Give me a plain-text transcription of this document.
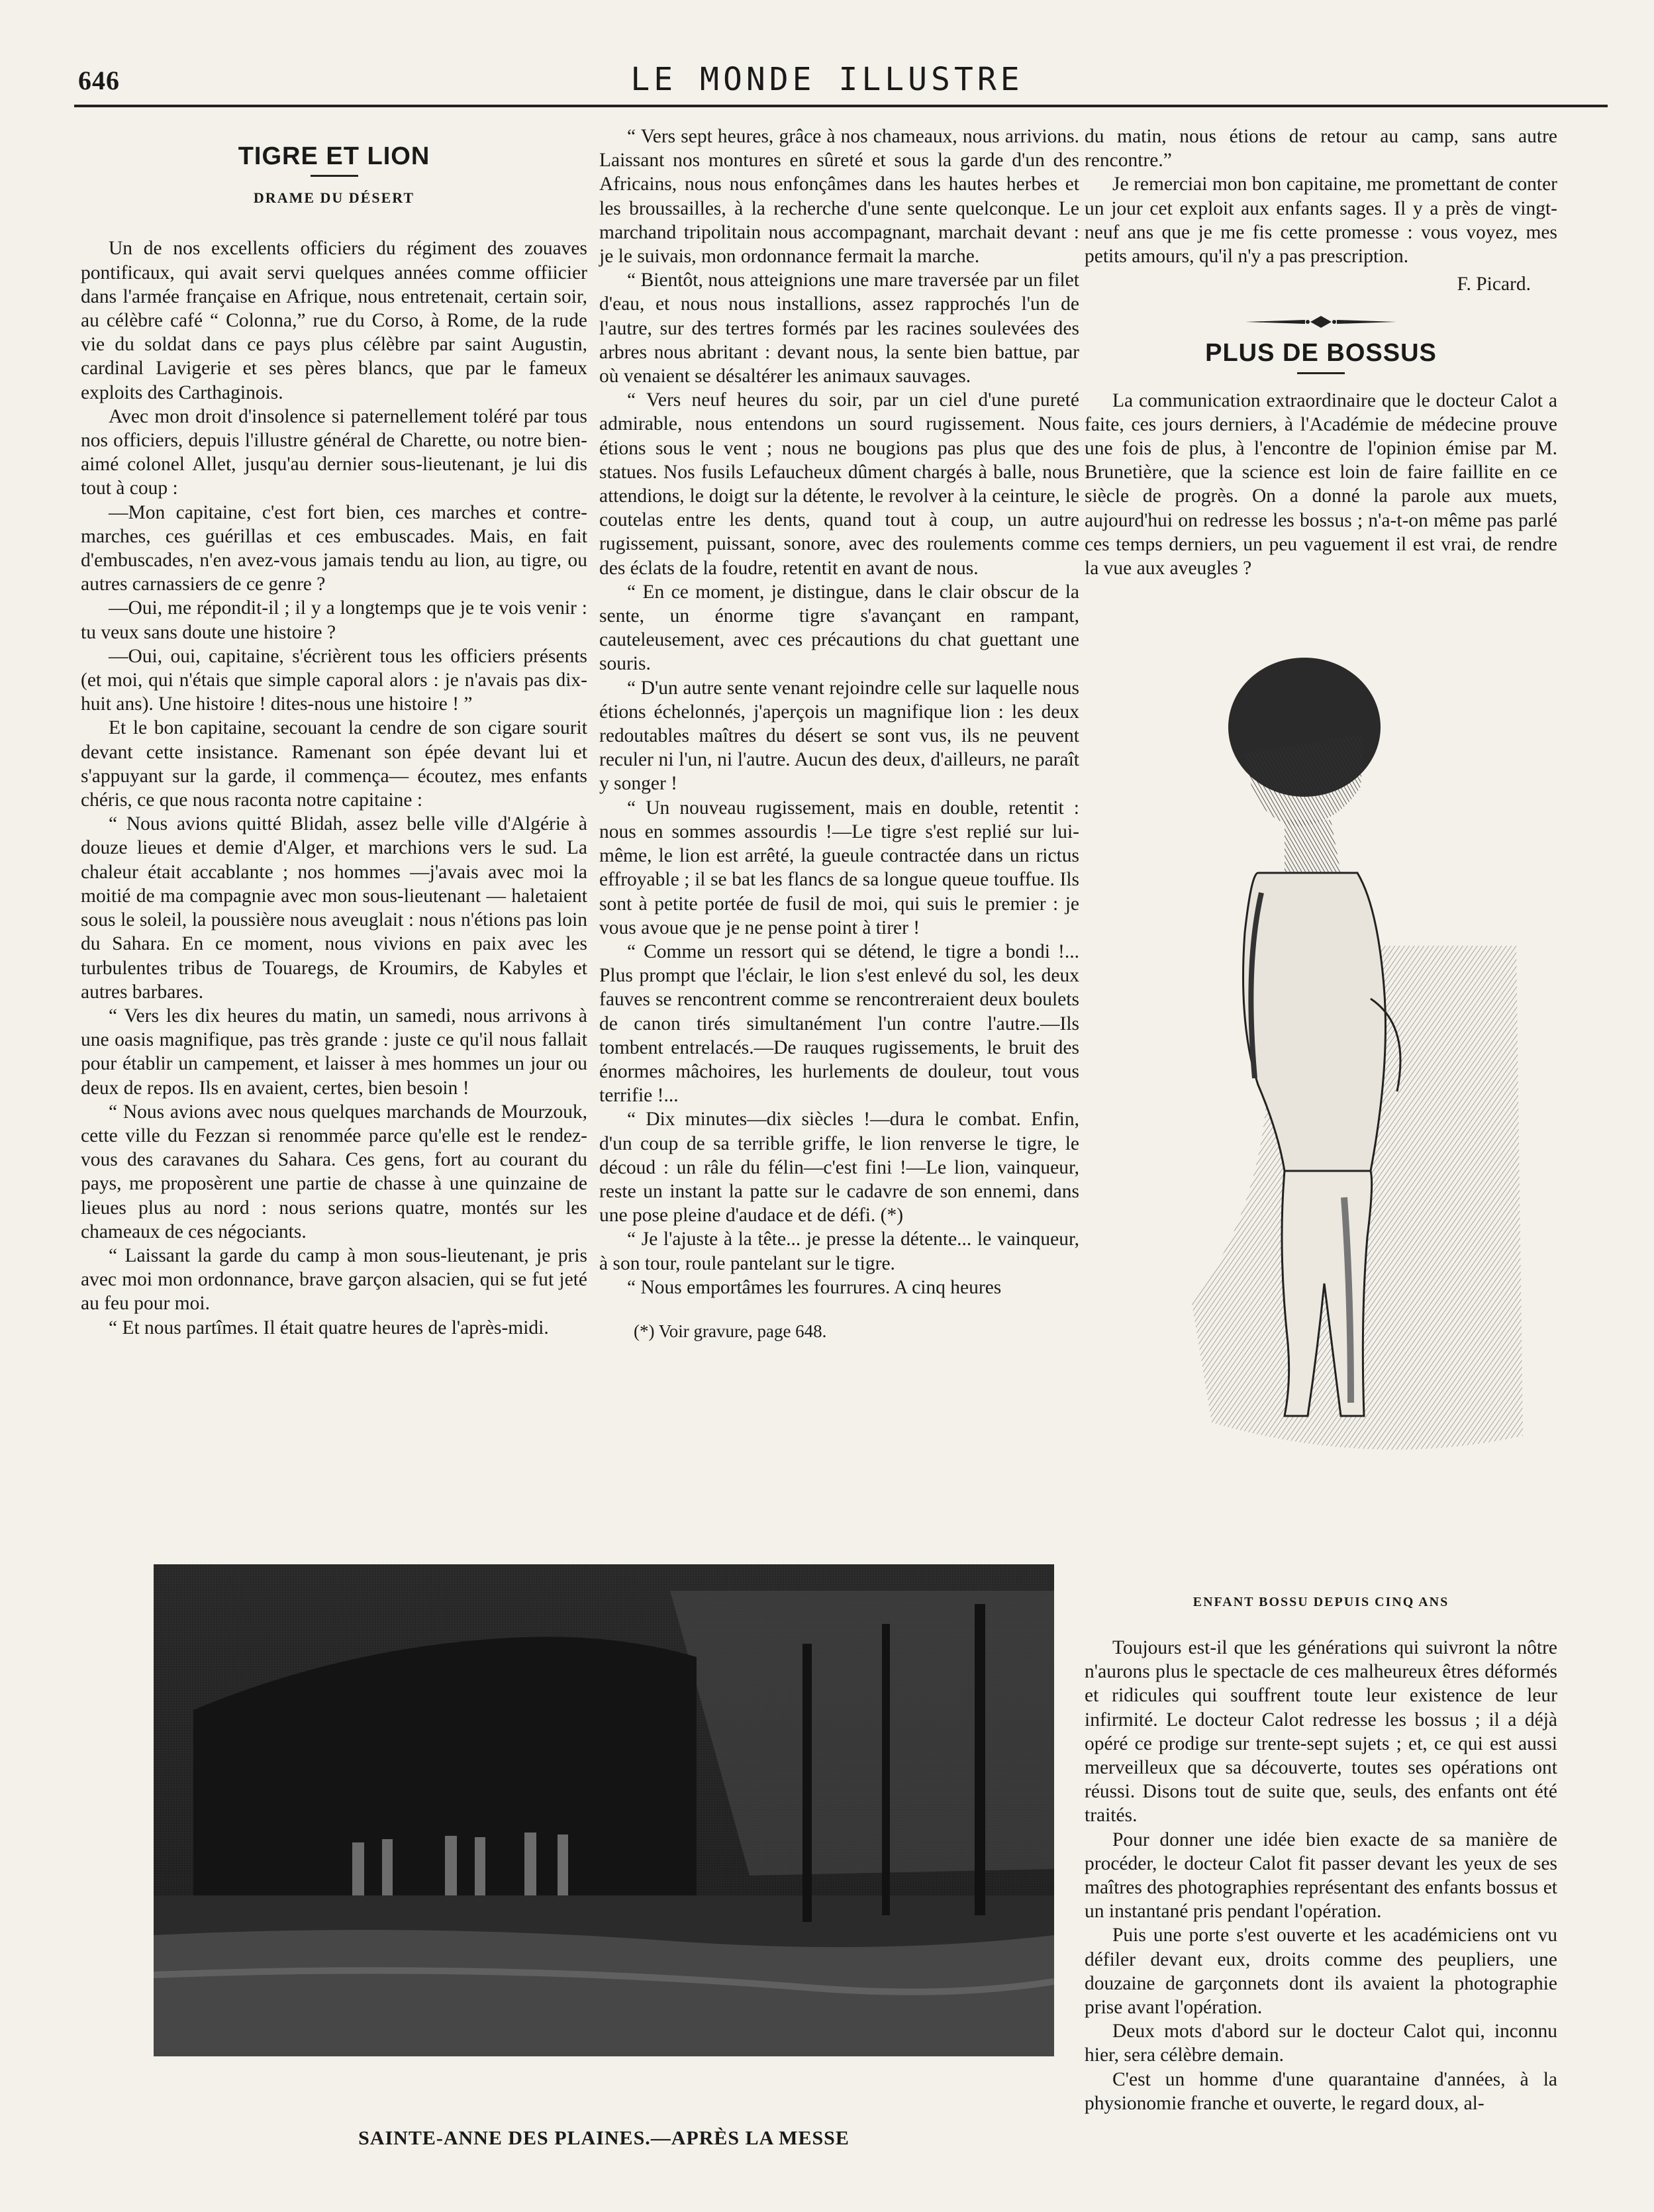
646	LE MONDE ILLUSTRE
TIGRE ET LION
DRAME DU DÉSERT

Un de nos excellents officiers du régiment des zouaves pontificaux, qui avait servi quelques années comme offiicier dans l'armée française en Afrique, nous entretenait, certain soir, au célèbre café “ Colonna,” rue du Corso, à Rome, de la rude vie du soldat dans ce pays plus célèbre par saint Augustin, cardinal Lavigerie et ses pères blancs, que par le fameux exploits des Carthaginois.

Avec mon droit d'insolence si paternellement toléré par tous nos officiers, depuis l'illustre général de Charette, ou notre bien-aimé colonel Allet, jusqu'au dernier sous-lieutenant, je lui dis tout à coup :

—Mon capitaine, c'est fort bien, ces marches et contre-marches, ces guérillas et ces embuscades. Mais, en fait d'embuscades, n'en avez-vous jamais tendu au lion, au tigre, ou autres carnassiers de ce genre ?

—Oui, me répondit-il ; il y a longtemps que je te vois venir : tu veux sans doute une histoire ?

—Oui, oui, capitaine, s'écrièrent tous les officiers présents (et moi, qui n'étais que simple caporal alors : je n'avais pas dix-huit ans). Une histoire ! dites-nous une histoire ! ”

Et le bon capitaine, secouant la cendre de son cigare sourit devant cette insistance. Ramenant son épée devant lui et s'appuyant sur la garde, il commença— écoutez, mes enfants chéris, ce que nous raconta notre capitaine :

“ Nous avions quitté Blidah, assez belle ville d'Algérie à douze lieues et demie d'Alger, et marchions vers le sud. La chaleur était accablante ; nos hommes —j'avais avec moi la moitié de ma compagnie avec mon sous-lieutenant — haletaient sous le soleil, la poussière nous aveuglait : nous n'étions pas loin du Sahara. En ce moment, nous vivions en paix avec les turbulentes tribus de Touaregs, de Kroumirs, de Kabyles et autres barbares.

“ Vers les dix heures du matin, un samedi, nous arrivons à une oasis magnifique, pas très grande : juste ce qu'il nous fallait pour établir un campement, et laisser à mes hommes un jour ou deux de repos. Ils en avaient, certes, bien besoin !

“ Nous avions avec nous quelques marchands de Mourzouk, cette ville du Fezzan si renommée parce qu'elle est le rendez-vous des caravanes du Sahara. Ces gens, fort au courant du pays, me proposèrent une partie de chasse à une quinzaine de lieues plus au nord : nous serions quatre, montés sur les chameaux de ces négociants.

“ Laissant la garde du camp à mon sous-lieutenant, je pris avec moi mon ordonnance, brave garçon alsacien, qui se fut jeté au feu pour moi.

“ Et nous partîmes. Il était quatre heures de l'après-midi.

“ Vers sept heures, grâce à nos chameaux, nous arrivions. Laissant nos montures en sûreté et sous la garde d'un des Africains, nous nous enfonçâmes dans les hautes herbes et les broussailles, à la recherche d'une sente quelconque. Le marchand tripolitain nous accompagnant, marchait devant : je le suivais, mon ordonnance fermait la marche.

“ Bientôt, nous atteignions une mare traversée par un filet d'eau, et nous nous installions, assez rapprochés l'un de l'autre, sur des tertres formés par les racines soulevées des arbres nous abritant : devant nous, la sente bien battue, par où venaient se désaltérer les animaux sauvages.

“ Vers neuf heures du soir, par un ciel d'une pureté admirable, nous entendons un sourd rugissement. Nous étions sous le vent ; nous ne bougions pas plus que des statues. Nos fusils Lefaucheux dûment chargés à balle, nous attendions, le doigt sur la détente, le revolver à la ceinture, le coutelas entre les dents, quand tout à coup, un autre rugissement, puissant, sonore, avec des roulements comme des éclats de la foudre, retentit en avant de nous.

“ En ce moment, je distingue, dans le clair obscur de la sente, un énorme tigre s'avançant en rampant, cauteleusement, avec ces précautions du chat guettant une souris.

“ D'un autre sente venant rejoindre celle sur laquelle nous étions échelonnés, j'aperçois un magnifique lion : les deux redoutables maîtres du désert se sont vus, ils ne peuvent reculer ni l'un, ni l'autre. Aucun des deux, d'ailleurs, ne paraît y songer !

“ Un nouveau rugissement, mais en double, retentit : nous en sommes assourdis !—Le tigre s'est replié sur lui-même, le lion est arrêté, la gueule contractée dans un rictus effroyable ; il se bat les flancs de sa longue queue touffue. Ils sont à petite portée de fusil de moi, qui suis le premier : je vous avoue que je ne pense point à tirer !

“ Comme un ressort qui se détend, le tigre a bondi !... Plus prompt que l'éclair, le lion s'est enlevé du sol, les deux fauves se rencontrent comme se rencontreraient deux boulets de canon tirés simultanément l'un contre l'autre.—Ils tombent entrelacés.—De rauques rugissements, le bruit des énormes mâchoires, les hurlements de douleur, tout vous terrifie !...

“ Dix minutes—dix siècles !—dura le combat. Enfin, d'un coup de sa terrible griffe, le lion renverse le tigre, le découd : un râle du félin—c'est fini !—Le lion, vainqueur, reste un instant la patte sur le cadavre de son ennemi, dans une pose pleine d'audace et de défi. (*)

“ Je l'ajuste à la tête... je presse la détente... le vainqueur, à son tour, roule pantelant sur le tigre.

“ Nous emportâmes les fourrures. A cinq heures

(*) Voir gravure, page 648.

du matin, nous étions de retour au camp, sans autre rencontre.”

Je remerciai mon bon capitaine, me promettant de conter un jour cet exploit aux enfants sages. Il y a près de vingt-neuf ans que je me fis cette promesse : vous voyez, mes petits amours, qu'il n'y a pas prescription.

F. Picard.
PLUS DE BOSSUS

La communication extraordinaire que le docteur Calot a faite, ces jours derniers, à l'Académie de médecine prouve une fois de plus, à l'encontre de l'opinion émise par M. Brunetière, que la science est loin de faire faillite en ce siècle de progrès. On a donné la parole aux muets, aujourd'hui on redresse les bossus ; n'a-t-on même pas parlé ces temps derniers, un peu vaguement il est vrai, de rendre la vue aux aveugles ?

ENFANT BOSSU DEPUIS CINQ ANS

Toujours est-il que les générations qui suivront la nôtre n'aurons plus le spectacle de ces malheureux êtres déformés et ridicules qui souffrent toute leur existence de leur infirmité. Le docteur Calot redresse les bossus ; il a déjà opéré ce prodige sur trente-sept sujets ; et, ce qui est aussi merveilleux que sa découverte, toutes ses opérations ont réussi. Disons tout de suite que, seuls, des enfants ont été traités.

Pour donner une idée bien exacte de sa manière de procéder, le docteur Calot fit passer devant les yeux de ses maîtres des photographies représentant des enfants bossus et un instantané pris pendant l'opération.

Puis une porte s'est ouverte et les académiciens ont vu défiler devant eux, droits comme des peupliers, une douzaine de garçonnets dont ils avaient la photographie prise avant l'opération.

Deux mots d'abord sur le docteur Calot qui, inconnu hier, sera célèbre demain.

C'est un homme d'une quarantaine d'années, à la physionomie franche et ouverte, le regard doux, al-

SAINTE-ANNE DES PLAINES.—APRÈS LA MESSE
